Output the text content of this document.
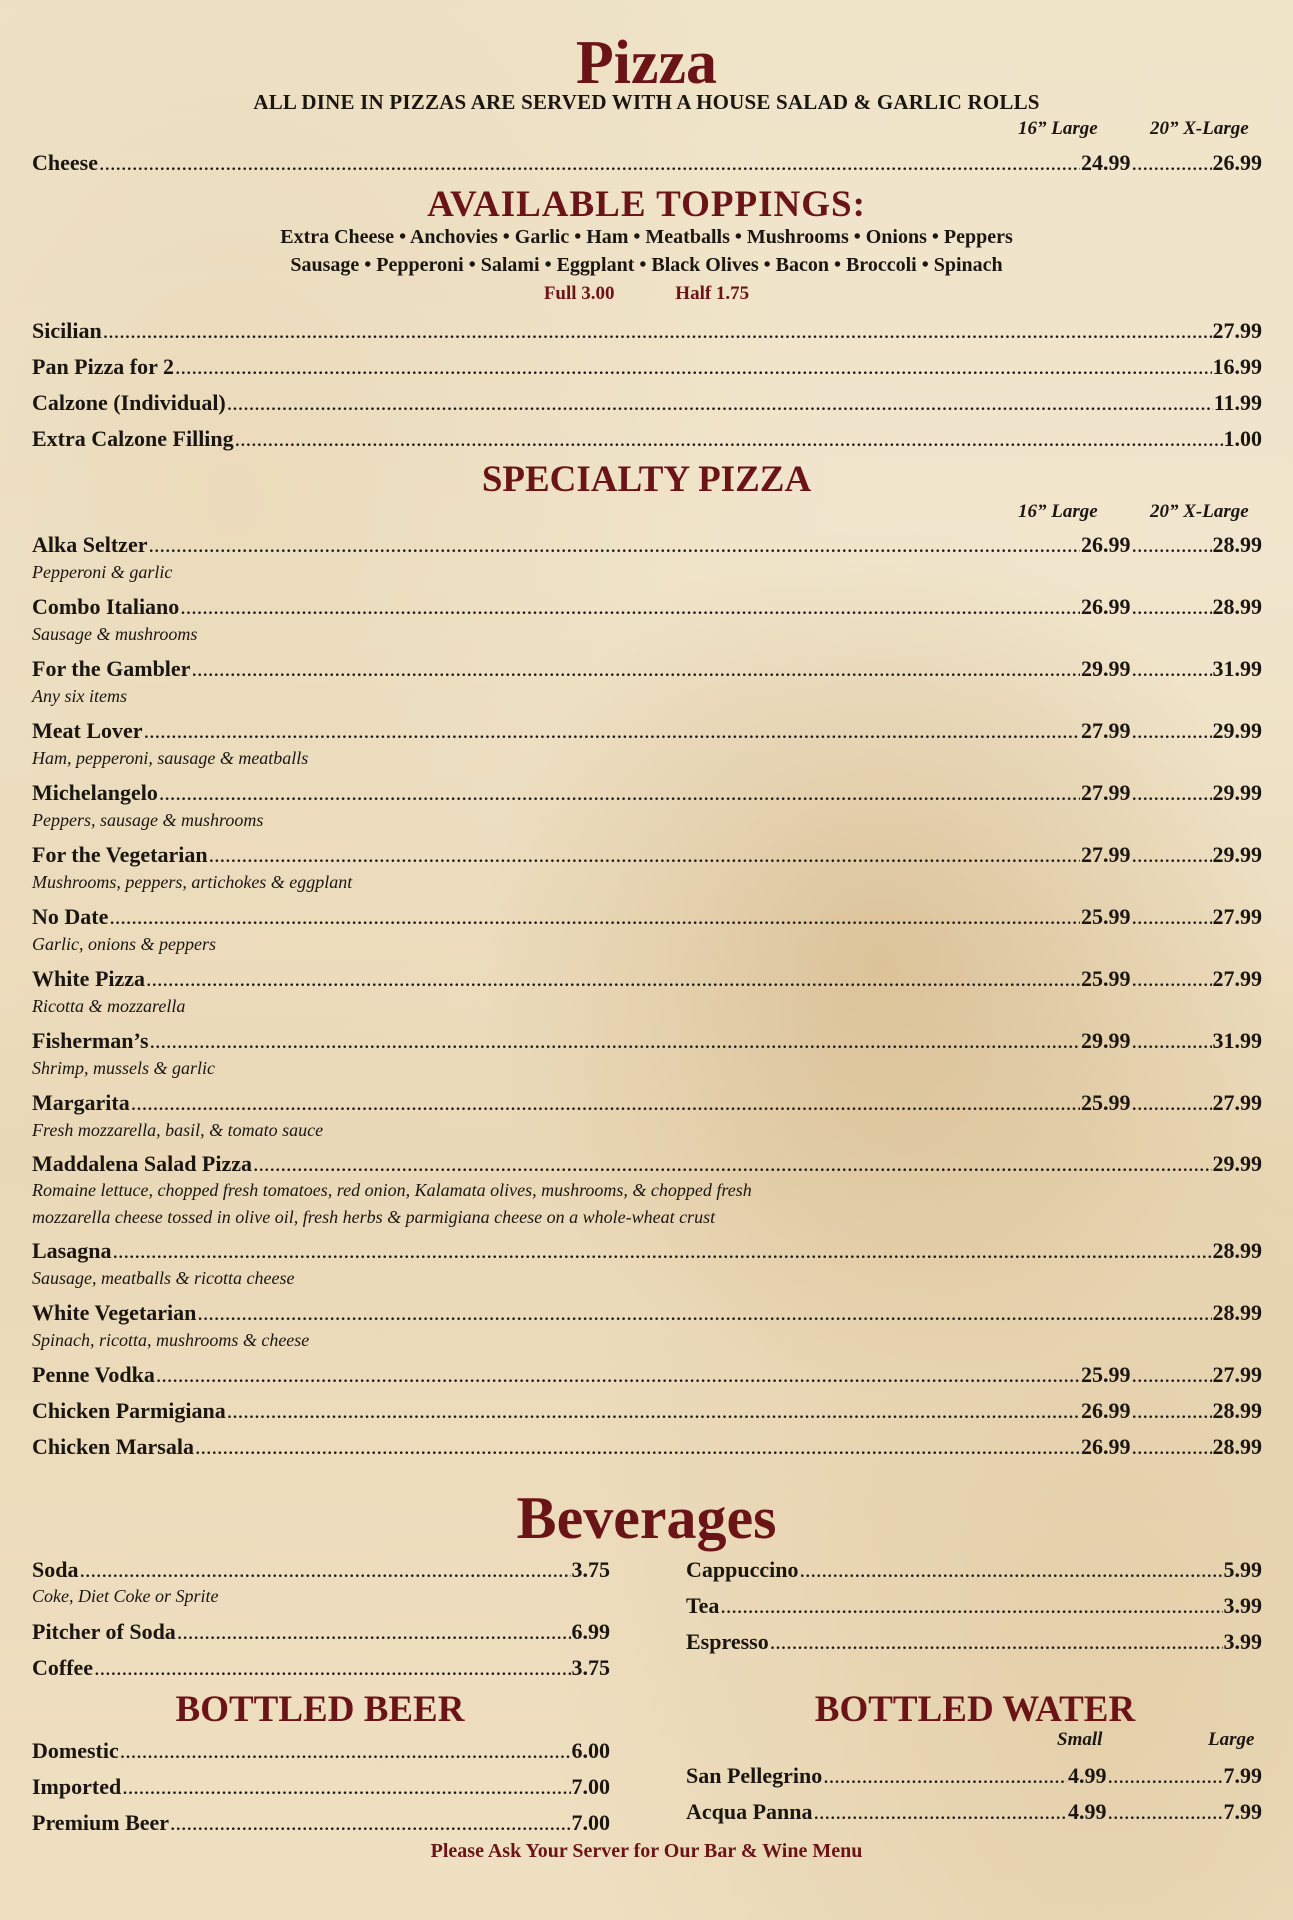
Pizza
ALL DINE IN PIZZAS ARE SERVED WITH A HOUSE SALAD & GARLIC ROLLS
16” Large	20” X-Large
Cheese .....	24.99 .....	26.99
AVAILABLE TOPPINGS:
Extra Cheese • Anchovies • Garlic • Ham • Meatballs • Mushrooms • Onions • Peppers
Sausage • Pepperoni • Salami • Eggplant • Black Olives • Bacon • Broccoli • Spinach
Full 3.00	Half 1.75
Sicilian .....	27.99
Pan Pizza for 2 .....	16.99
Calzone (Individual) .....	11.99
Extra Calzone Filling .....	1.00
SPECIALTY PIZZA
16” Large	20” X-Large
Alka Seltzer .....	26.99 .....	28.99
Pepperoni & garlic
Combo Italiano .....	26.99 .....	28.99
Sausage & mushrooms
For the Gambler .....	29.99 .....	31.99
Any six items
Meat Lover .....	27.99 .....	29.99
Ham, pepperoni, sausage & meatballs
Michelangelo .....	27.99 .....	29.99
Peppers, sausage & mushrooms
For the Vegetarian .....	27.99 .....	29.99
Mushrooms, peppers, artichokes & eggplant
No Date .....	25.99 .....	27.99
Garlic, onions & peppers
White Pizza .....	25.99 .....	27.99
Ricotta & mozzarella
Fisherman’s .....	29.99 .....	31.99
Shrimp, mussels & garlic
Margarita .....	25.99 .....	27.99
Fresh mozzarella, basil, & tomato sauce
Maddalena Salad Pizza .....	29.99
Romaine lettuce, chopped fresh tomatoes, red onion, Kalamata olives, mushrooms, & chopped fresh
mozzarella cheese tossed in olive oil, fresh herbs & parmigiana cheese on a whole-wheat crust
Lasagna .....	28.99
Sausage, meatballs & ricotta cheese
White Vegetarian .....	28.99
Spinach, ricotta, mushrooms & cheese
Penne Vodka .....	25.99 .....	27.99
Chicken Parmigiana .....	26.99 .....	28.99
Chicken Marsala .....	26.99 .....	28.99
Beverages
Soda .....	3.75
Coke, Diet Coke or Sprite
Pitcher of Soda .....	6.99
Coffee .....	3.75
Cappuccino .....	5.99
Tea .....	3.99
Espresso .....	3.99
BOTTLED BEER
Domestic .....	6.00
Imported .....	7.00
Premium Beer .....	7.00
BOTTLED WATER
Small	Large
San Pellegrino .....	4.99 .....	7.99
Acqua Panna .....	4.99 .....	7.99
Please Ask Your Server for Our Bar & Wine Menu
